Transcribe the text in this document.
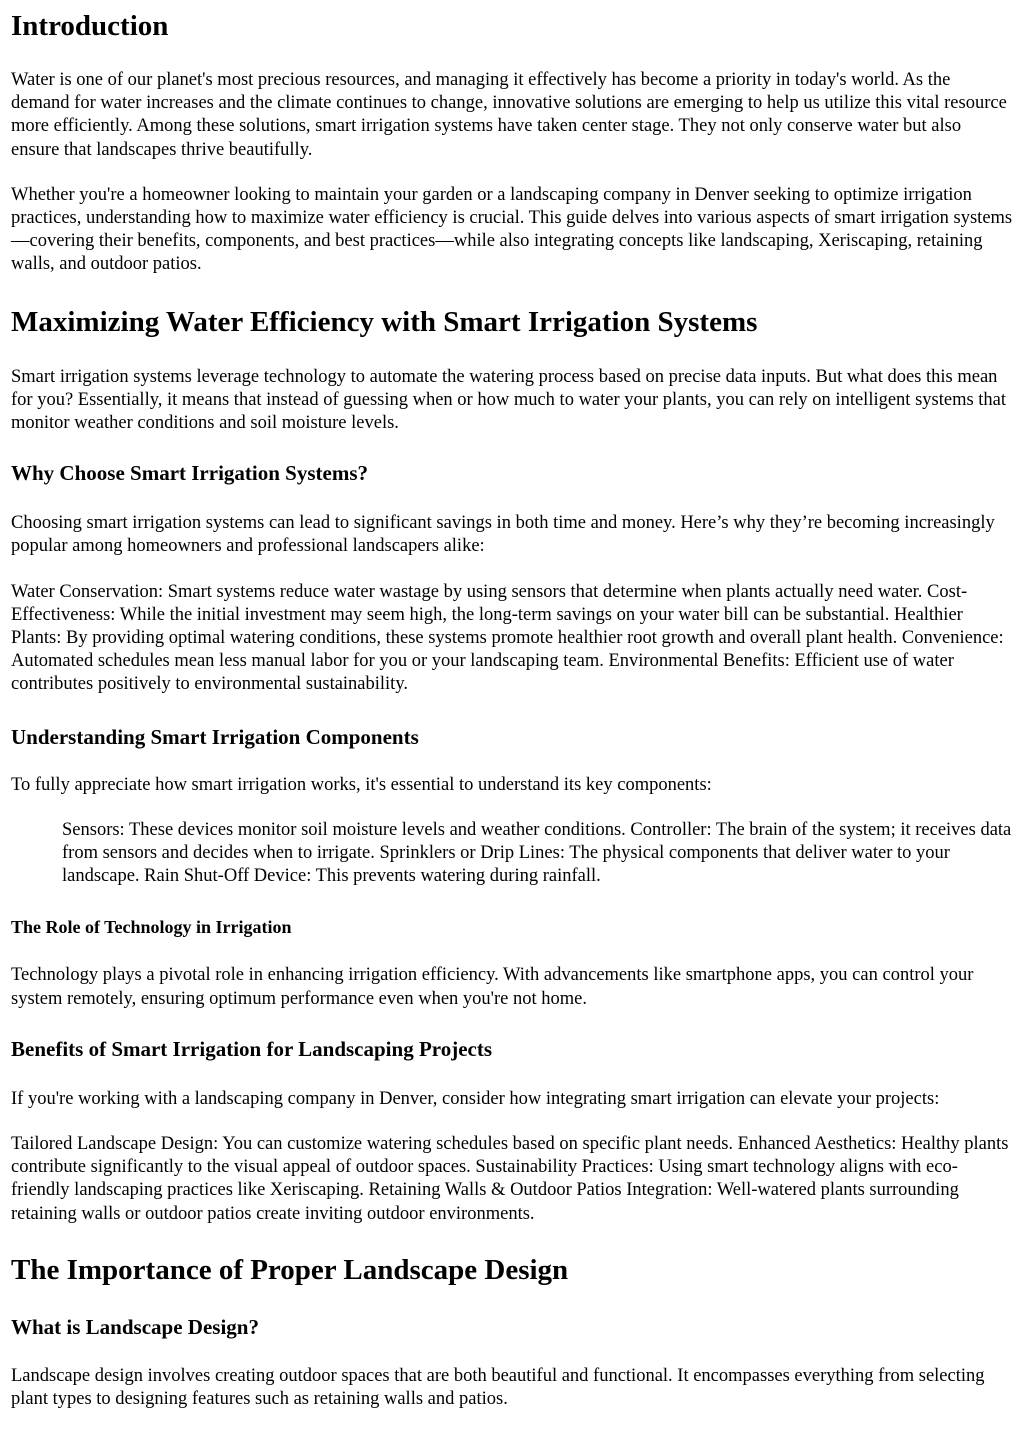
Introduction

Water is one of our planet's most precious resources, and managing it effectively has become a priority in today's world. As the demand for water increases and the climate continues to change, innovative solutions are emerging to help us utilize this vital resource more efficiently. Among these solutions, smart irrigation systems have taken center stage. They not only conserve water but also ensure that landscapes thrive beautifully.

Whether you're a homeowner looking to maintain your garden or a landscaping company in Denver seeking to optimize irrigation practices, understanding how to maximize water efficiency is crucial. This guide delves into various aspects of smart irrigation systems—covering their benefits, components, and best practices—while also integrating concepts like landscaping, Xeriscaping, retaining walls, and outdoor patios.

Maximizing Water Efficiency with Smart Irrigation Systems

Smart irrigation systems leverage technology to automate the watering process based on precise data inputs. But what does this mean for you? Essentially, it means that instead of guessing when or how much to water your plants, you can rely on intelligent systems that monitor weather conditions and soil moisture levels.

Why Choose Smart Irrigation Systems?

Choosing smart irrigation systems can lead to significant savings in both time and money. Here’s why they’re becoming increasingly popular among homeowners and professional landscapers alike:

Water Conservation: Smart systems reduce water wastage by using sensors that determine when plants actually need water. Cost-Effectiveness: While the initial investment may seem high, the long-term savings on your water bill can be substantial. Healthier Plants: By providing optimal watering conditions, these systems promote healthier root growth and overall plant health. Convenience: Automated schedules mean less manual labor for you or your landscaping team. Environmental Benefits: Efficient use of water contributes positively to environmental sustainability.

Understanding Smart Irrigation Components

To fully appreciate how smart irrigation works, it's essential to understand its key components:

Sensors: These devices monitor soil moisture levels and weather conditions. Controller: The brain of the system; it receives data from sensors and decides when to irrigate. Sprinklers or Drip Lines: The physical components that deliver water to your landscape. Rain Shut-Off Device: This prevents watering during rainfall.
The Role of Technology in Irrigation

Technology plays a pivotal role in enhancing irrigation efficiency. With advancements like smartphone apps, you can control your system remotely, ensuring optimum performance even when you're not home.

Benefits of Smart Irrigation for Landscaping Projects

If you're working with a landscaping company in Denver, consider how integrating smart irrigation can elevate your projects:

Tailored Landscape Design: You can customize watering schedules based on specific plant needs. Enhanced Aesthetics: Healthy plants contribute significantly to the visual appeal of outdoor spaces. Sustainability Practices: Using smart technology aligns with eco-friendly landscaping practices like Xeriscaping. Retaining Walls & Outdoor Patios Integration: Well-watered plants surrounding retaining walls or outdoor patios create inviting outdoor environments.

The Importance of Proper Landscape Design
What is Landscape Design?

Landscape design involves creating outdoor spaces that are both beautiful and functional. It encompasses everything from selecting plant types to designing features such as retaining walls and patios.
